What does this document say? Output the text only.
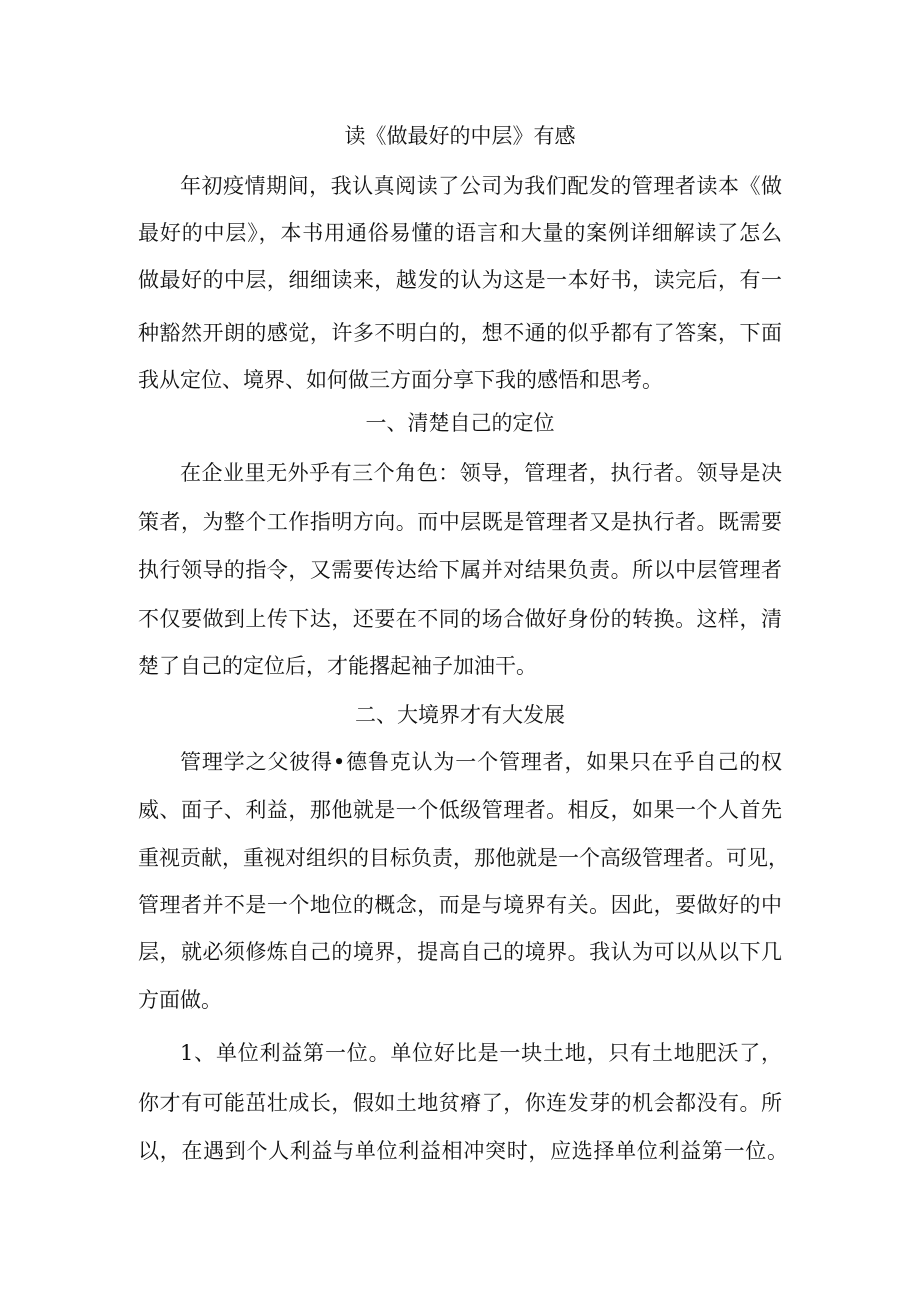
读《做最好的中层》有感
年初疫情期间，我认真阅读了公司为我们配发的管理者读本《做
最好的中层》，本书用通俗易懂的语言和大量的案例详细解读了怎么
做最好的中层，细细读来，越发的认为这是一本好书，读完后，有一
种豁然开朗的感觉，许多不明白的，想不通的似乎都有了答案，下面
我从定位、境界、如何做三方面分享下我的感悟和思考。
一、清楚自己的定位
在企业里无外乎有三个角色：领导，管理者，执行者。领导是决
策者，为整个工作指明方向。而中层既是管理者又是执行者。既需要
执行领导的指令，又需要传达给下属并对结果负责。所以中层管理者
不仅要做到上传下达，还要在不同的场合做好身份的转换。这样，清
楚了自己的定位后，才能撂起袖子加油干。
二、大境界才有大发展
管理学之父彼得•德鲁克认为一个管理者，如果只在乎自己的权
威、面子、利益，那他就是一个低级管理者。相反，如果一个人首先
重视贡献，重视对组织的目标负责，那他就是一个高级管理者。可见，
管理者并不是一个地位的概念，而是与境界有关。因此，要做好的中
层，就必须修炼自己的境界，提高自己的境界。我认为可以从以下几
方面做。
1、单位利益第一位。单位好比是一块土地，只有土地肥沃了，
你才有可能茁壮成长，假如土地贫瘠了，你连发芽的机会都没有。所
以，在遇到个人利益与单位利益相冲突时，应选择单位利益第一位。
